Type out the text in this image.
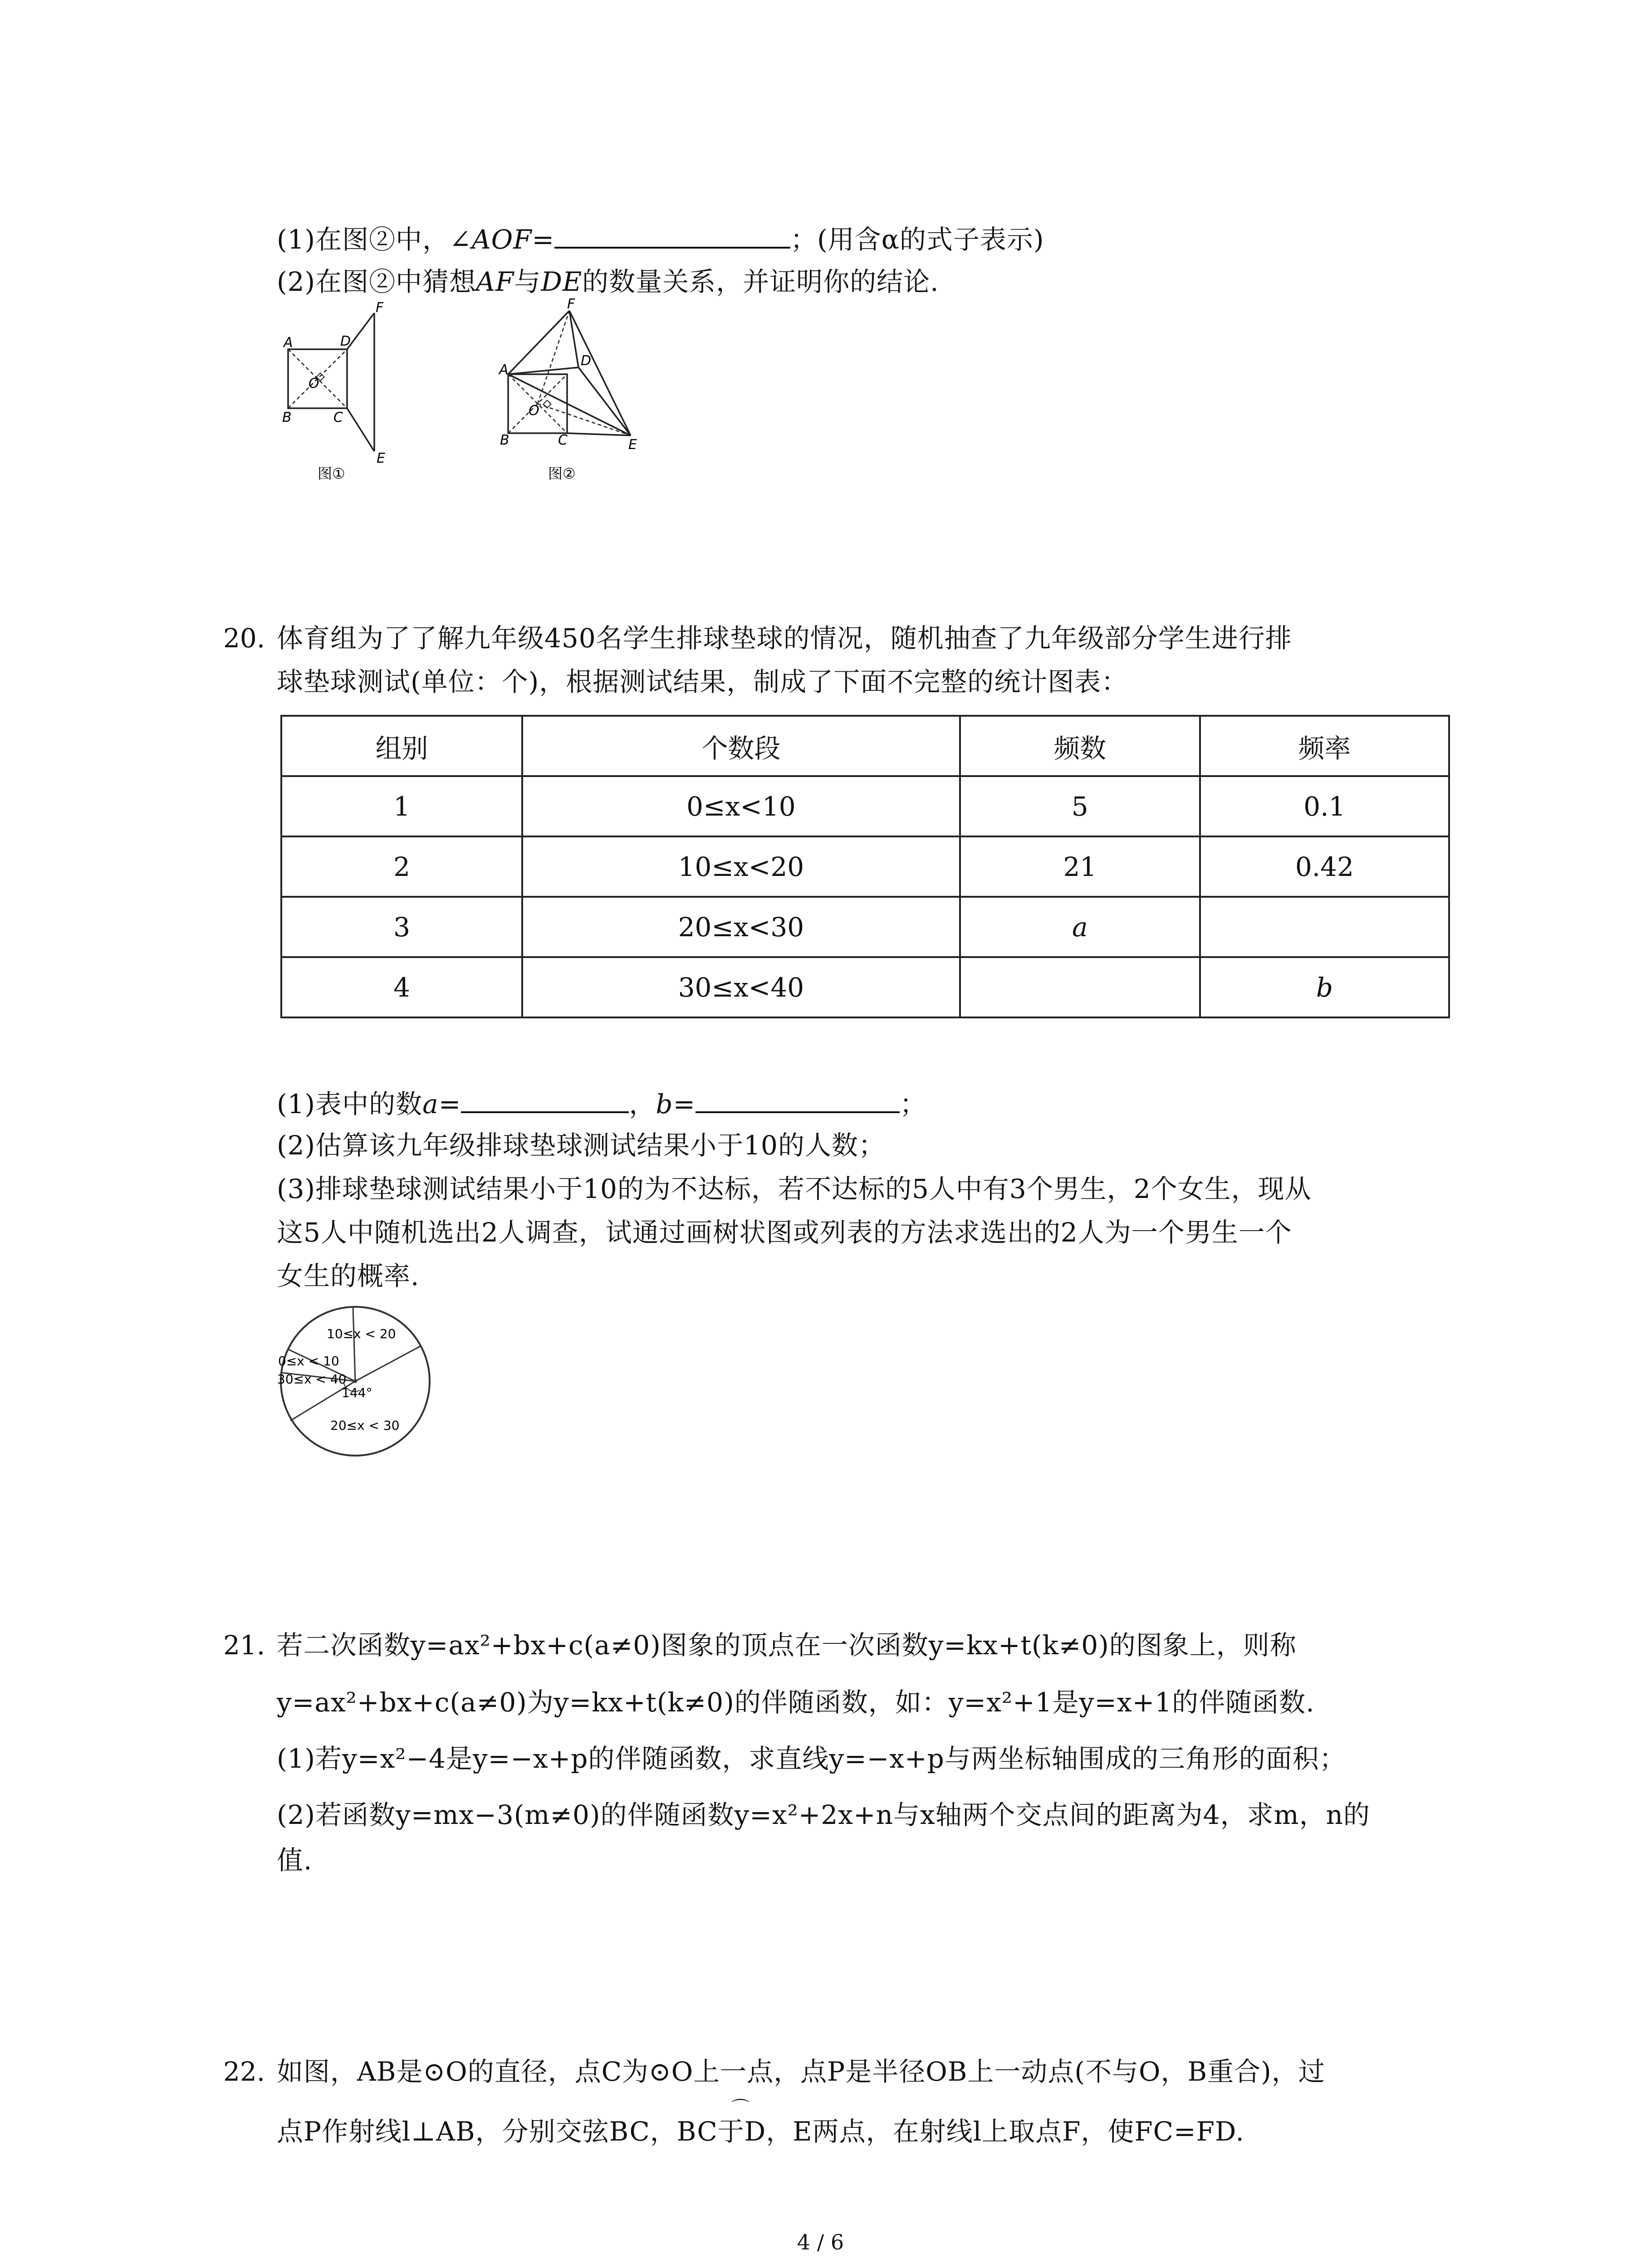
(1)在图②中，∠AOF=	；(用含α的式子表示)
(2)在图②中猜想AF与DE的数量关系，并证明你的结论.
A
B	C
D
E
F
O
图①
A
B	C
D
E
F
O
图②
20. 体育组为了了解九年级450名学生排球垫球的情况，随机抽查了九年级部分学生进行排
球垫球测试(单位：个)，根据测试结果，制成了下面不完整的统计图表：
组别	个数段	频数	频率
1	0≤x<10	5	0.1
2	10≤x<20	21	0.42
3	20≤x<30	a	
4	30≤x<40		b
(1)表中的数a=	，b=	；
(2)估算该九年级排球垫球测试结果小于10的人数；
(3)排球垫球测试结果小于10的为不达标，若不达标的5人中有3个男生，2个女生，现从
这5人中随机选出2人调查，试通过画树状图或列表的方法求选出的2人为一个男生一个
女生的概率.
10≤x < 20
0≤x < 10
30≤x < 40
144°
20≤x < 30
21. 若二次函数y=ax²+bx+c(a≠0)图象的顶点在一次函数y=kx+t(k≠0)的图象上，则称
y=ax²+bx+c(a≠0)为y=kx+t(k≠0)的伴随函数，如：y=x²+1是y=x+1的伴随函数.
(1)若y=x²−4是y=−x+p的伴随函数，求直线y=−x+p与两坐标轴围成的三角形的面积；
(2)若函数y=mx−3(m≠0)的伴随函数y=x²+2x+n与x轴两个交点间的距离为4，求m，n的
值.
22. 如图，AB是⊙O的直径，点C为⊙O上一点，点P是半径OB上一动点(不与O，B重合)，过
⌒
点P作射线l⊥AB，分别交弦BC，BC于D，E两点，在射线l上取点F，使FC=FD.
4 / 6
